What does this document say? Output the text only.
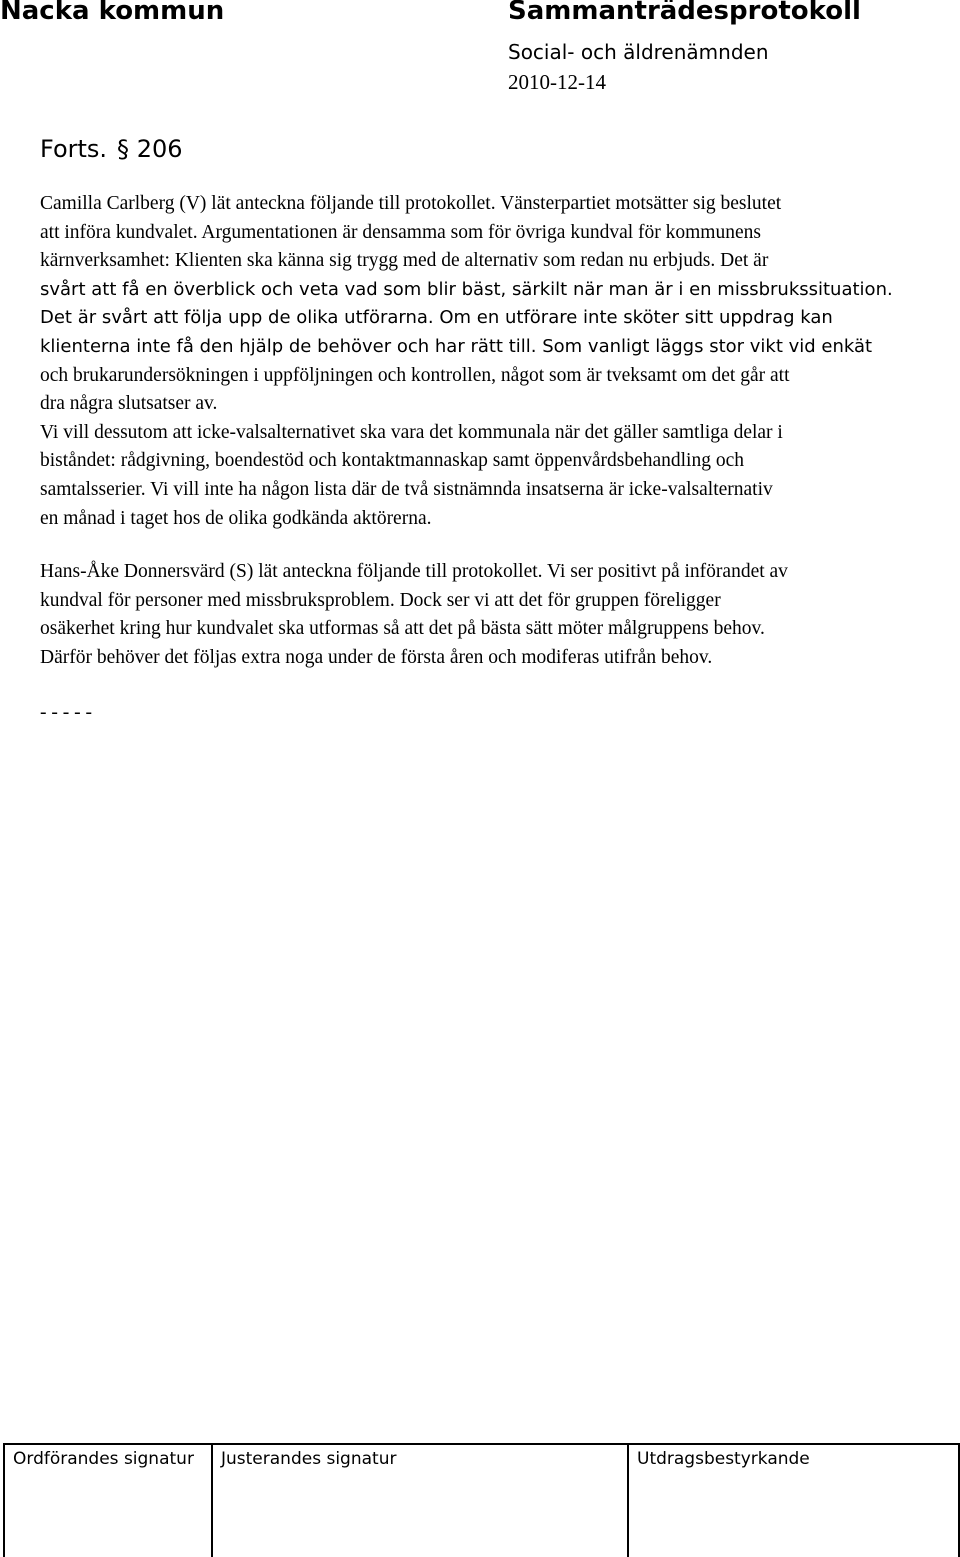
Nacka kommun	Sammanträdesprotokoll
Social- och äldrenämnden
2010-12-14
Forts. § 206
Camilla Carlberg (V) lät anteckna följande till protokollet. Vänsterpartiet motsätter sig beslutet
att införa kundvalet. Argumentationen är densamma som för övriga kundval för kommunens
kärnverksamhet: Klienten ska känna sig trygg med de alternativ som redan nu erbjuds. Det är
svårt att få en överblick och veta vad som blir bäst, särkilt när man är i en missbrukssituation.
Det är svårt att följa upp de olika utförarna. Om en utförare inte sköter sitt uppdrag kan
klienterna inte få den hjälp de behöver och har rätt till. Som vanligt läggs stor vikt vid enkät
och brukarundersökningen i uppföljningen och kontrollen, något som är tveksamt om det går att
dra några slutsatser av.
Vi vill dessutom att icke-valsalternativet ska vara det kommunala när det gäller samtliga delar i
biståndet: rådgivning, boendestöd och kontaktmannaskap samt öppenvårdsbehandling och
samtalsserier. Vi vill inte ha någon lista där de två sistnämnda insatserna är icke-valsalternativ
en månad i taget hos de olika godkända aktörerna.
Hans-Åke Donnersvärd (S) lät anteckna följande till protokollet. Vi ser positivt på införandet av
kundval för personer med missbruksproblem. Dock ser vi att det för gruppen föreligger
osäkerhet kring hur kundvalet ska utformas så att det på bästa sätt möter målgruppens behov.
Därför behöver det följas extra noga under de första åren och modiferas utifrån behov.
- - - - -
Ordförandes signatur	Justerandes signatur	Utdragsbestyrkande
